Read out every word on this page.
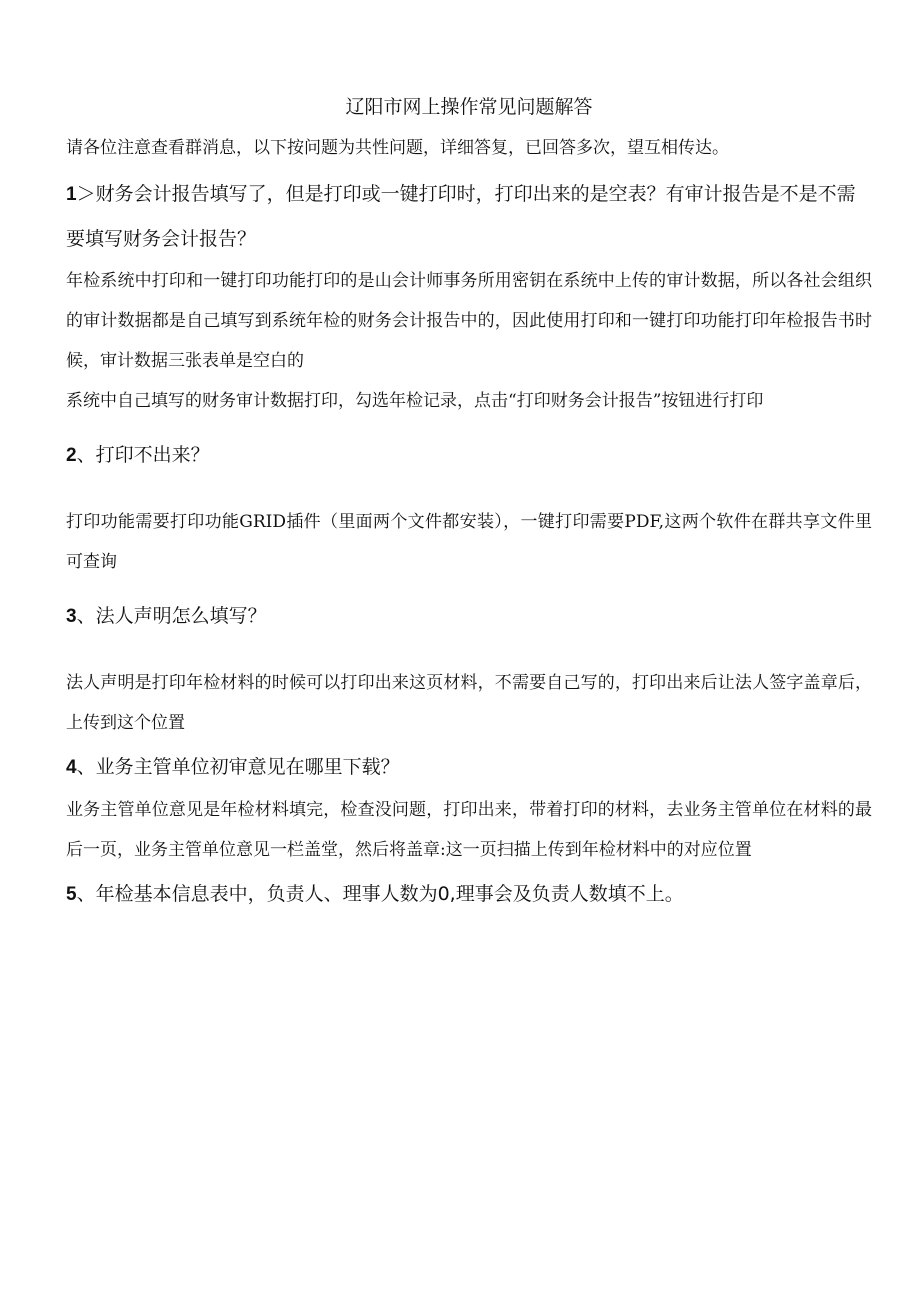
辽阳市网上操作常见问题解答

请各位注意查看群消息，以下按问题为共性问题，详细答复，已回答多次，望互相传达。

1＞财务会计报告填写了，但是打印或一键打印时，打印出来的是空表？有审计报告是不是不需要填写财务会计报告？

年检系统中打印和一键打印功能打印的是山会计师事务所用密钥在系统中上传的审计数据，所以各社会组织的审计数据都是自己填写到系统年检的财务会计报告中的，因此使用打印和一键打印功能打印年检报告书时候，审计数据三张表单是空白的

系统中自己填写的财务审计数据打印，勾选年检记录，点击“打印财务会计报告”按钮进行打印

2、打印不出来？

打印功能需要打印功能GRID插件（里面两个文件都安装），一键打印需要PDF,这两个软件在群共享文件里可查询

3、法人声明怎么填写？

法人声明是打印年检材料的时候可以打印出来这页材料，不需要自己写的，打印出来后让法人签字盖章后，上传到这个位置

4、业务主管单位初审意见在哪里下载？

业务主管单位意见是年检材料填完，检查没问题，打印出来，带着打印的材料，去业务主管单位在材料的最后一页，业务主管单位意见一栏盖堂，然后将盖章:这一页扫描上传到年检材料中的对应位置

5、年检基本信息表中，负责人、理事人数为0,理事会及负责人数填不上。
